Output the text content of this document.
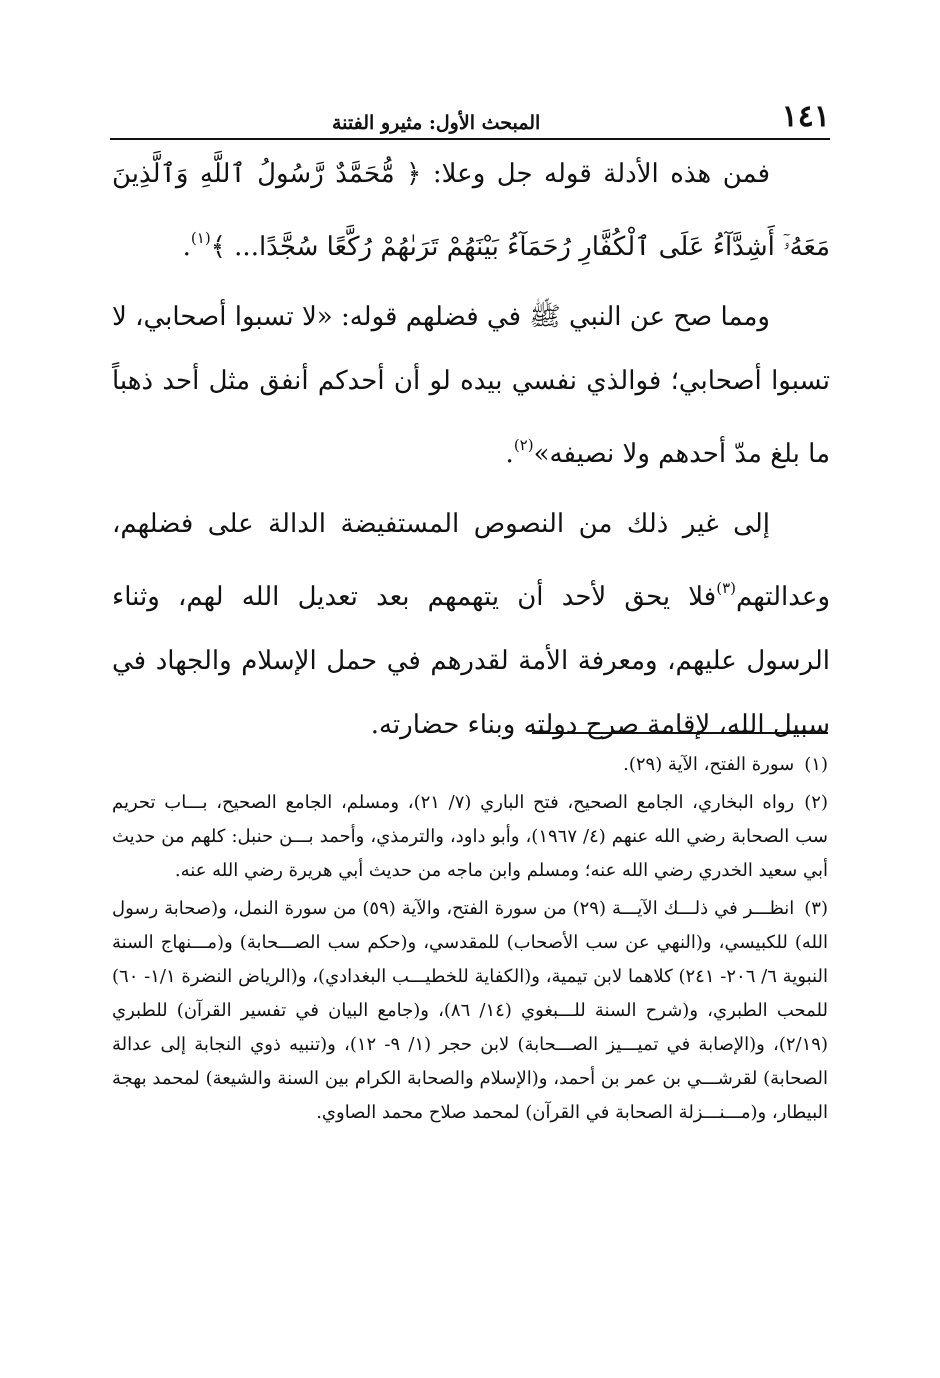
١٤١
المبحث الأول: مثيرو الفتنة

فمن هذه الأدلة قوله جل وعلا: ﴿ مُّحَمَّدٌ رَّسُولُ ٱللَّهِ وَٱلَّذِينَ مَعَهُۥٓ أَشِدَّآءُ عَلَى ٱلْكُفَّارِ رُحَمَآءُ بَيْنَهُمْ تَرَىٰهُمْ رُكَّعًا سُجَّدًا... ﴾$^{(١)}$.

ومما صح عن النبي ﷺ في فضلهم قوله: «لا تسبوا أصحابي، لا تسبوا أصحابي؛ فوالذي نفسي بيده لو أن أحدكم أنفق مثل أحد ذهباً ما بلغ مدّ أحدهم ولا نصيفه»$^{(٢)}$.

إلى غير ذلك من النصوص المستفيضة الدالة على فضلهم، وعدالتهم$^{(٣)}$فلا يحق لأحد أن يتهمهم بعد تعديل الله لهم، وثناء الرسول عليهم، ومعرفة الأمة لقدرهم في حمل الإسلام والجهاد في سبيل الله، لإقامة صرح دولته وبناء حضارته.

(١)سورة الفتح، الآية (٢٩).

(٢)رواه البخاري، الجامع الصحيح، فتح الباري (٧/ ٢١)، ومسلم، الجامع الصحيح، بـــاب تحريم سب الصحابة رضي الله عنهم (٤/ ١٩٦٧)، وأبو داود، والترمذي، وأحمد بـــن حنبل: كلهم من حديث أبي سعيد الخدري رضي الله عنه؛ ومسلم وابن ماجه من حديث أبي هريرة رضي الله عنه.

(٣)انظـــر في ذلـــك الآيـــة (٢٩) من سورة الفتح، والآية (٥٩) من سورة النمل، و(صحابة رسول الله) للكبيسي، و(النهي عن سب الأصحاب) للمقدسي، و(حكم سب الصـــحابة) و(مـــنهاج السنة النبوية ٦/ ٢٠٦- ٢٤١) كلاهما لابن تيمية، و(الكفاية للخطيـــب البغدادي)، و(الرياض النضرة ١/١- ٦٠) للمحب الطبري، و(شرح السنة للـــبغوي (١٤/ ٨٦)، و(جامع البيان في تفسير القرآن) للطبري (٢/١٩)، و(الإصابة في تميـــيز الصـــحابة) لابن حجر (١/ ٩- ١٢)، و(تنبيه ذوي النجابة إلى عدالة الصحابة) لقرشـــي بن عمر بن أحمد، و(الإسلام والصحابة الكرام بين السنة والشيعة) لمحمد بهجة البيطار، و(مـــنـــزلة الصحابة في القرآن) لمحمد صلاح محمد الصاوي.
